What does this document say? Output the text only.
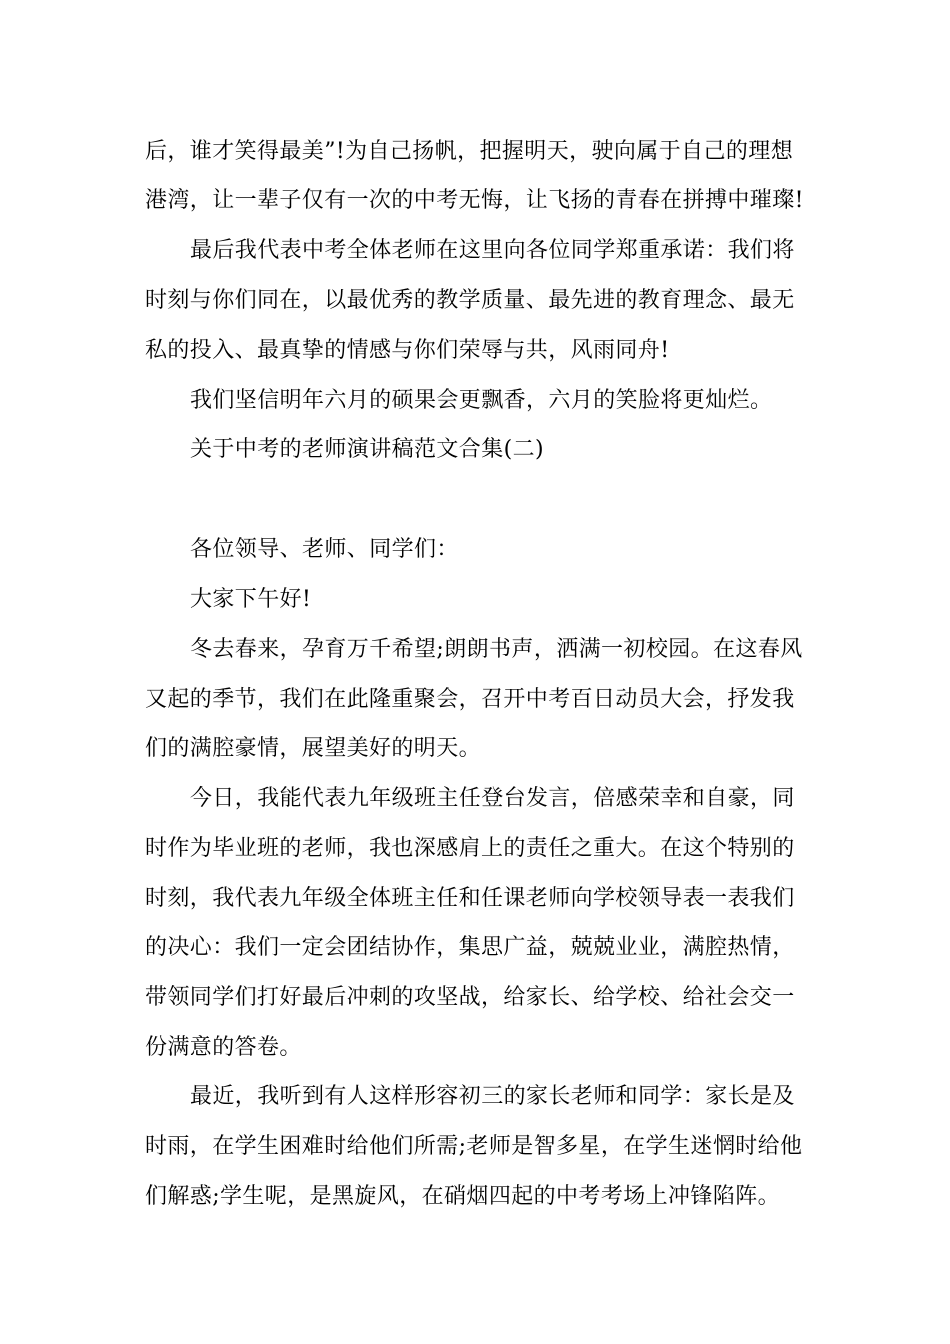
后，谁才笑得最美”!为自己扬帆，把握明天，驶向属于自己的理想
港湾，让一辈子仅有一次的中考无悔，让飞扬的青春在拼搏中璀璨!
最后我代表中考全体老师在这里向各位同学郑重承诺：我们将
时刻与你们同在，以最优秀的教学质量、最先进的教育理念、最无
私的投入、最真挚的情感与你们荣辱与共，风雨同舟!
我们坚信明年六月的硕果会更飘香，六月的笑脸将更灿烂。
关于中考的老师演讲稿范文合集(二)
各位领导、老师、同学们：
大家下午好!
冬去春来，孕育万千希望;朗朗书声，洒满一初校园。在这春风
又起的季节，我们在此隆重聚会，召开中考百日动员大会，抒发我
们的满腔豪情，展望美好的明天。
今日，我能代表九年级班主任登台发言，倍感荣幸和自豪，同
时作为毕业班的老师，我也深感肩上的责任之重大。在这个特别的
时刻，我代表九年级全体班主任和任课老师向学校领导表一表我们
的决心：我们一定会团结协作，集思广益，兢兢业业，满腔热情，
带领同学们打好最后冲刺的攻坚战，给家长、给学校、给社会交一
份满意的答卷。
最近，我听到有人这样形容初三的家长老师和同学：家长是及
时雨，在学生困难时给他们所需;老师是智多星，在学生迷惘时给他
们解惑;学生呢，是黑旋风，在硝烟四起的中考考场上冲锋陷阵。
